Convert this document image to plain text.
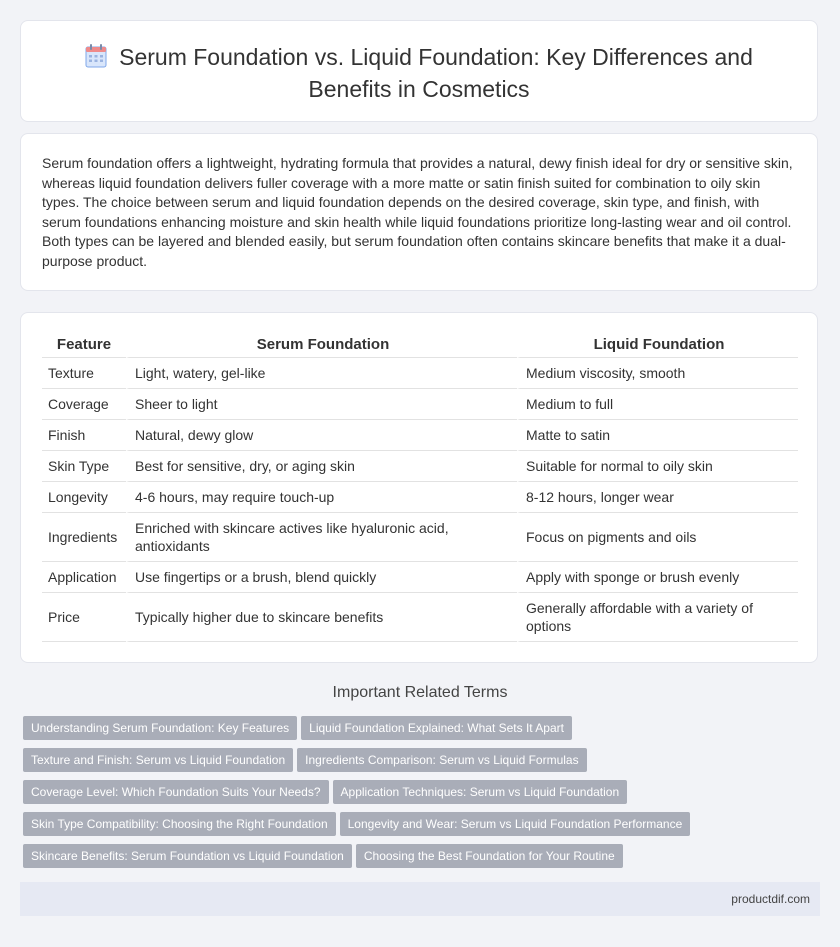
Serum Foundation vs. Liquid Foundation: Key Differences and
Benefits in Cosmetics

Serum foundation offers a lightweight, hydrating formula that provides a natural, dewy finish ideal for dry or sensitive skin, whereas liquid foundation delivers fuller coverage with a more matte or satin finish suited for combination to oily skin types. The choice between serum and liquid foundation depends on the desired coverage, skin type, and finish, with serum foundations enhancing moisture and skin health while liquid foundations prioritize long-lasting wear and oil control. Both types can be layered and blended easily, but serum foundation often contains skincare benefits that make it a dual-purpose product.

Feature	Serum Foundation	Liquid Foundation
Texture	Light, watery, gel-like	Medium viscosity, smooth
Coverage	Sheer to light	Medium to full
Finish	Natural, dewy glow	Matte to satin
Skin Type	Best for sensitive, dry, or aging skin	Suitable for normal to oily skin
Longevity	4-6 hours, may require touch-up	8-12 hours, longer wear
Ingredients	Enriched with skincare actives like hyaluronic acid, antioxidants	Focus on pigments and oils
Application	Use fingertips or a brush, blend quickly	Apply with sponge or brush evenly
Price	Typically higher due to skincare benefits	Generally affordable with a variety of options
Important Related Terms
Understanding Serum Foundation: Key Features Liquid Foundation Explained: What Sets It Apart
Texture and Finish: Serum vs Liquid Foundation Ingredients Comparison: Serum vs Liquid Formulas
Coverage Level: Which Foundation Suits Your Needs? Application Techniques: Serum vs Liquid Foundation
Skin Type Compatibility: Choosing the Right Foundation Longevity and Wear: Serum vs Liquid Foundation Performance
Skincare Benefits: Serum Foundation vs Liquid Foundation Choosing the Best Foundation for Your Routine
productdif.com
